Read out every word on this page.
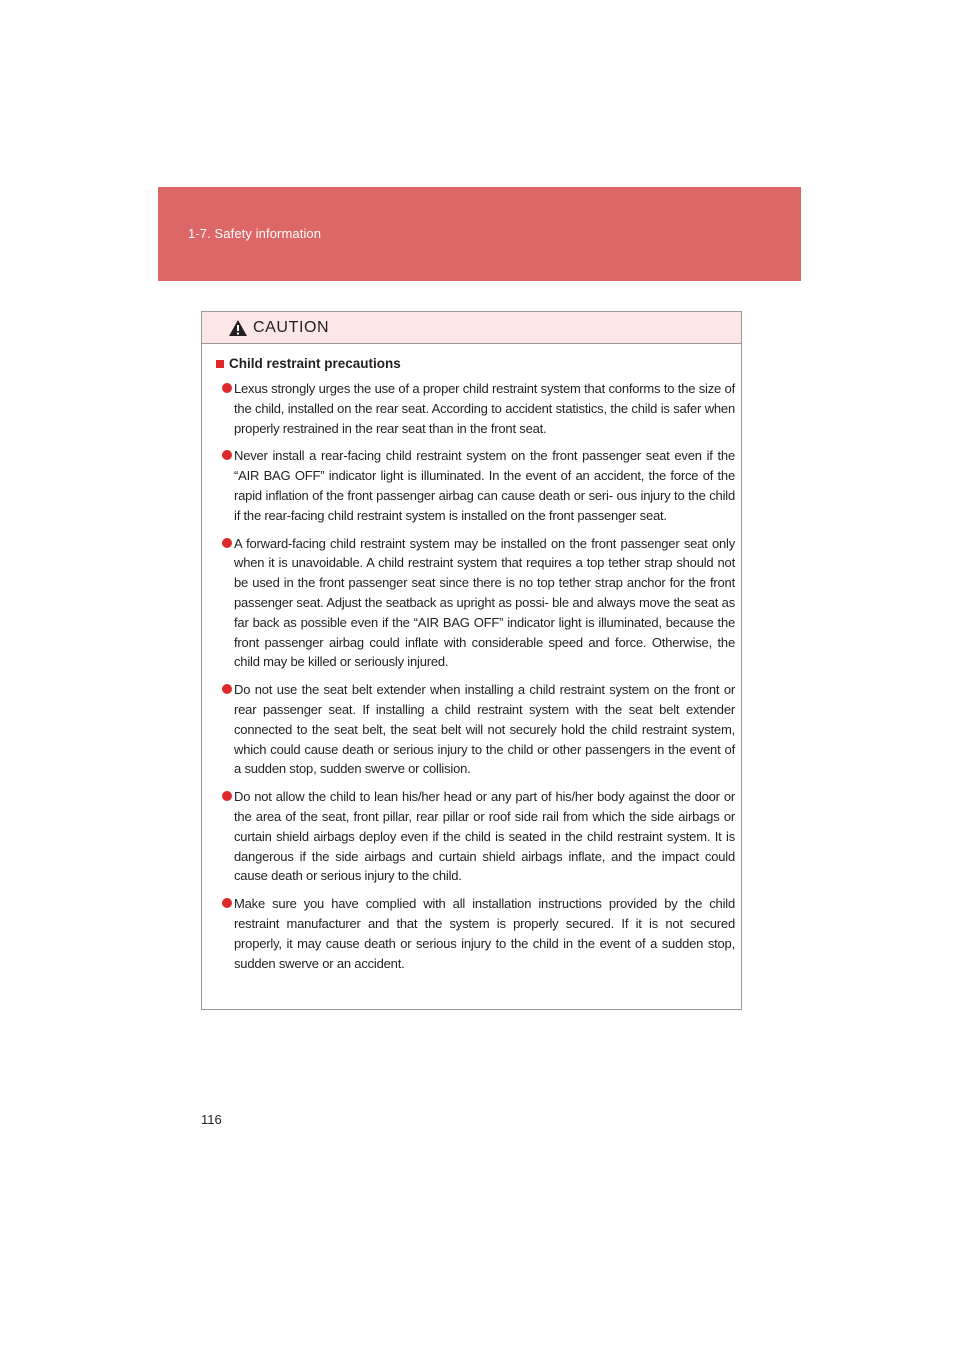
1-7. Safety information
CAUTION
Child restraint precautions
Lexus strongly urges the use of a proper child restraint system that conforms to the size of the child, installed on the rear seat. According to accident statistics, the child is safer when properly restrained in the rear seat than in the front seat.
Never install a rear-facing child restraint system on the front passenger seat even if the “AIR BAG OFF” indicator light is illuminated. In the event of an accident, the force of the rapid inflation of the front passenger airbag can cause death or seri- ous injury to the child if the rear-facing child restraint system is installed on the front passenger seat.
A forward-facing child restraint system may be installed on the front passenger seat only when it is unavoidable. A child restraint system that requires a top tether strap should not be used in the front passenger seat since there is no top tether strap anchor for the front passenger seat. Adjust the seatback as upright as possi- ble and always move the seat as far back as possible even if the “AIR BAG OFF” indicator light is illuminated, because the front passenger airbag could inflate with considerable speed and force. Otherwise, the child may be killed or seriously injured.
Do not use the seat belt extender when installing a child restraint system on the front or rear passenger seat. If installing a child restraint system with the seat belt extender connected to the seat belt, the seat belt will not securely hold the child restraint system, which could cause death or serious injury to the child or other passengers in the event of a sudden stop, sudden swerve or collision.
Do not allow the child to lean his/her head or any part of his/her body against the door or the area of the seat, front pillar, rear pillar or roof side rail from which the side airbags or curtain shield airbags deploy even if the child is seated in the child restraint system. It is dangerous if the side airbags and curtain shield airbags inflate, and the impact could cause death or serious injury to the child.
Make sure you have complied with all installation instructions provided by the child restraint manufacturer and that the system is properly secured. If it is not secured properly, it may cause death or serious injury to the child in the event of a sudden stop, sudden swerve or an accident.
116
